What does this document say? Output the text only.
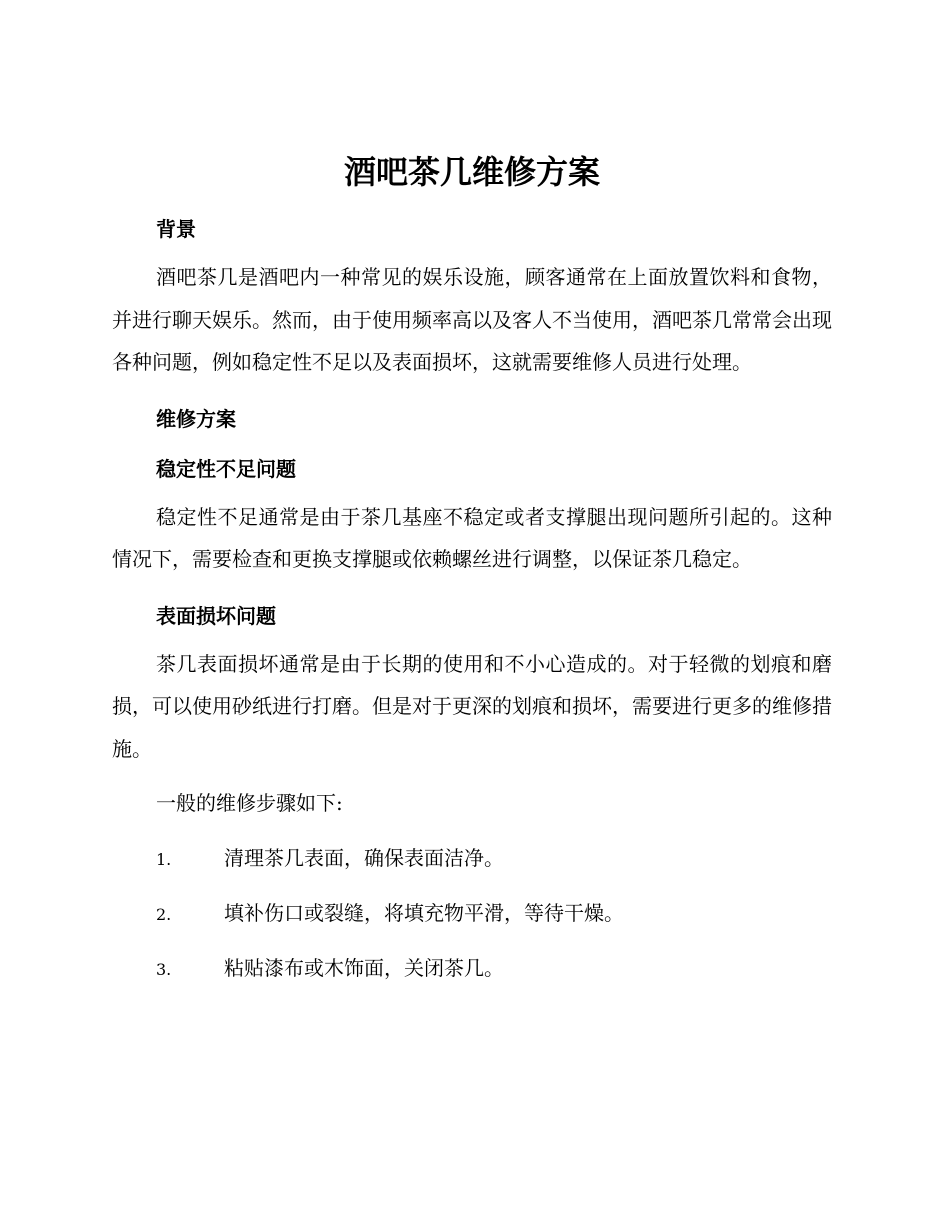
酒吧茶几维修方案
背景

酒吧茶几是酒吧内一种常见的娱乐设施，顾客通常在上面放置饮料和食物，并进行聊天娱乐。然而，由于使用频率高以及客人不当使用，酒吧茶几常常会出现各种问题，例如稳定性不足以及表面损坏，这就需要维修人员进行处理。

维修方案
稳定性不足问题

稳定性不足通常是由于茶几基座不稳定或者支撑腿出现问题所引起的。这种情况下，需要检查和更换支撑腿或依赖螺丝进行调整，以保证茶几稳定。

表面损坏问题

茶几表面损坏通常是由于长期的使用和不小心造成的。对于轻微的划痕和磨损，可以使用砂纸进行打磨。但是对于更深的划痕和损坏，需要进行更多的维修措施。

一般的维修步骤如下:

1.	清理茶几表面，确保表面洁净。
2.	填补伤口或裂缝，将填充物平滑，等待干燥。
3.	粘贴漆布或木饰面，关闭茶几。
